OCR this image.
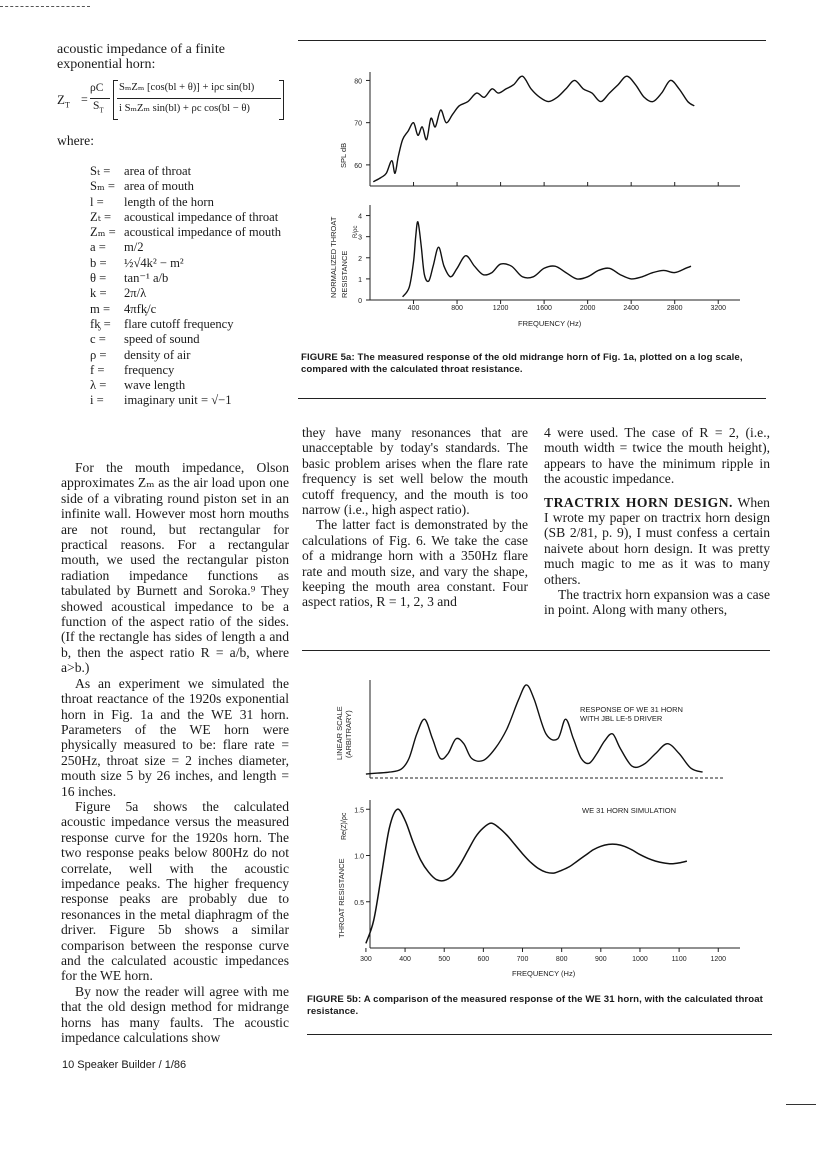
acoustic impedance of a finite exponential horn:
$Z_T$ =
ρC
$S_T$
SₘZₘ [cos(bl + θ)] + iρc sin(bl)
i SₘZₘ sin(bl) + ρc cos(bl − θ)
where:
Sₜ =	area of throat
Sₘ = area of mouth
l =	length of the horn
Zₜ =	acoustical impedance of throat
Zₘ = acoustical impedance of mouth
a =	m/2
b =	½√4k² − m²
θ =	tan⁻¹ a/b
k =	2π/λ
m =	4πfᶄ/c
fᶄ =	flare cutoff frequency
c =	speed of sound
ρ =	density of air
f =	frequency
λ =	wave length
i =	imaginary unit = √−1

For the mouth impedance, Olson approximates Zₘ as the air load upon one side of a vibrating round piston set in an infinite wall. However most horn mouths are not round, but rectangular for practical reasons. For a rectangular mouth, we used the rectangular piston radiation impedance functions as tabulated by Burnett and Soroka.⁹ They showed acoustical impedance to be a function of the aspect ratio of the sides. (If the rectangle has sides of length a and b, then the aspect ratio R = a/b, where a>b.)

As an experiment we simulated the throat reactance of the 1920s exponential horn in Fig. 1a and the WE 31 horn. Parameters of the WE horn were physically measured to be: flare rate = 250Hz, throat size = 2 inches diameter, mouth size 5 by 26 inches, and length = 16 inches.

Figure 5a shows the calculated acoustic impedance versus the measured response curve for the 1920s horn. The two response peaks below 800Hz do not correlate, well with the acoustic impedance peaks. The higher frequency response peaks are probably due to resonances in the metal diaphragm of the driver. Figure 5b shows a similar comparison between the response curve and the calculated acoustic impedances for the WE horn.

By now the reader will agree with me that the old design method for midrange horns has many faults. The acoustic impedance calculations show

10 Speaker Builder / 1/86
80
70
60
4
3
2
1
0
400	800	1200	1600	2000	2400	2800	3200
SPL dB
NORMALIZED THROAT RESISTANCE
R/ρc
FREQUENCY (Hz)
FIGURE 5a: The measured response of the old midrange horn of Fig. 1a, plotted on a log scale, compared with the calculated throat resistance.

they have many resonances that are unacceptable by today's standards. The basic problem arises when the flare rate frequency is set well below the mouth cutoff frequency, and the mouth is too narrow (i.e., high aspect ratio).

The latter fact is demonstrated by the calculations of Fig. 6. We take the case of a midrange horn with a 350Hz flare rate and mouth size, and vary the shape, keeping the mouth area constant. Four aspect ratios, R = 1, 2, 3 and

4 were used. The case of R = 2, (i.e., mouth width = twice the mouth height), appears to have the minimum ripple in the acoustic impedance.

TRACTRIX HORN DESIGN. When I wrote my paper on tractrix horn design (SB 2/81, p. 9), I must confess a certain naivete about horn design. It was pretty much magic to me as it was to many others.

The tractrix horn expansion was a case in point. Along with many others,

1.5
1.0
0.5
300	400	500	600	700	800	900	1000	1100	1200
LINEAR SCALE (ARBITRARY)
RESPONSE OF WE 31 HORN
WITH JBL LE-5 DRIVER
WE 31 HORN SIMULATION
THROAT RESISTANCE
Re(Z)/ρc
FREQUENCY (Hz)
FIGURE 5b: A comparison of the measured response of the WE 31 horn, with the calculated throat resistance.
